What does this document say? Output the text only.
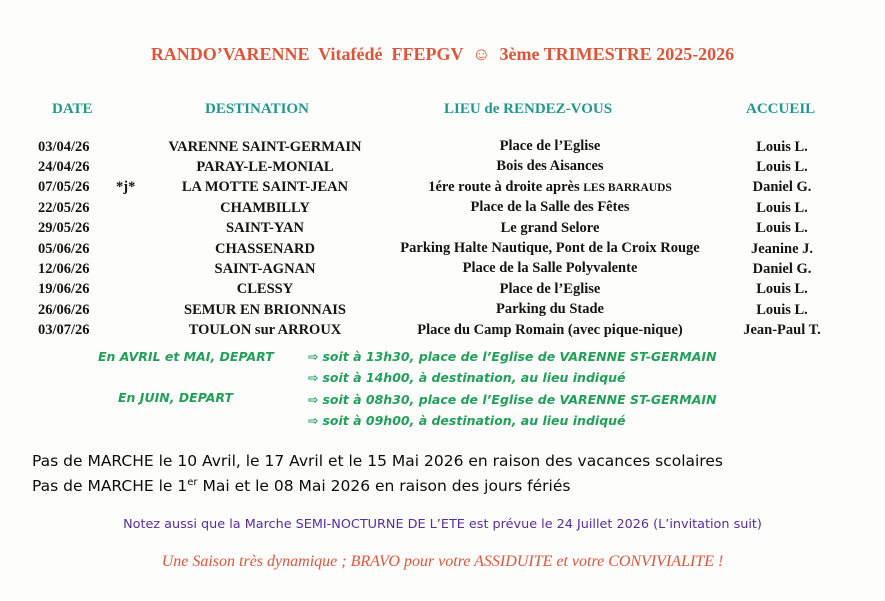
RANDO’VARENNE  Vitafédé  FFEPGV  ☺  3ème TRIMESTRE 2025-2026
DATE	DESTINATION	LIEU de RENDEZ-VOUS	ACCUEIL
03/04/26		VARENNE SAINT-GERMAIN	Place de l’Eglise	Louis L.
24/04/26		PARAY-LE-MONIAL	Bois des Aisances	Louis L.
07/05/26	*j*	LA MOTTE SAINT-JEAN	1ére route à droite après LES BARRAUDS	Daniel G.
22/05/26		CHAMBILLY	Place de la Salle des Fêtes	Louis L.
29/05/26		SAINT-YAN	Le grand Selore	Louis L.
05/06/26		CHASSENARD	Parking Halte Nautique, Pont de la Croix Rouge	Jeanine J.
12/06/26		SAINT-AGNAN	Place de la Salle Polyvalente	Daniel G.
19/06/26		CLESSY	Place de l’Eglise	Louis L.
26/06/26		SEMUR EN BRIONNAIS	Parking du Stade	Louis L.
03/07/26		TOULON sur ARROUX	Place du Camp Romain (avec pique-nique)	Jean-Paul T.
En AVRIL et MAI, DEPART	⇨ soit à 13h30, place de l’Eglise de VARENNE ST-GERMAIN
⇨ soit à 14h00, à destination, au lieu indiqué
En JUIN, DEPART	⇨ soit à 08h30, place de l’Eglise de VARENNE ST-GERMAIN
⇨ soit à 09h00, à destination, au lieu indiqué
Pas de MARCHE le 10 Avril, le 17 Avril et le 15 Mai 2026 en raison des vacances scolaires
Pas de MARCHE le 1er Mai et le 08 Mai 2026 en raison des jours fériés
Notez aussi que la Marche SEMI-NOCTURNE DE L’ETE est prévue le 24 Juillet 2026 (L’invitation suit)
Une Saison très dynamique ; BRAVO pour votre ASSIDUITE et votre CONVIVIALITE !
